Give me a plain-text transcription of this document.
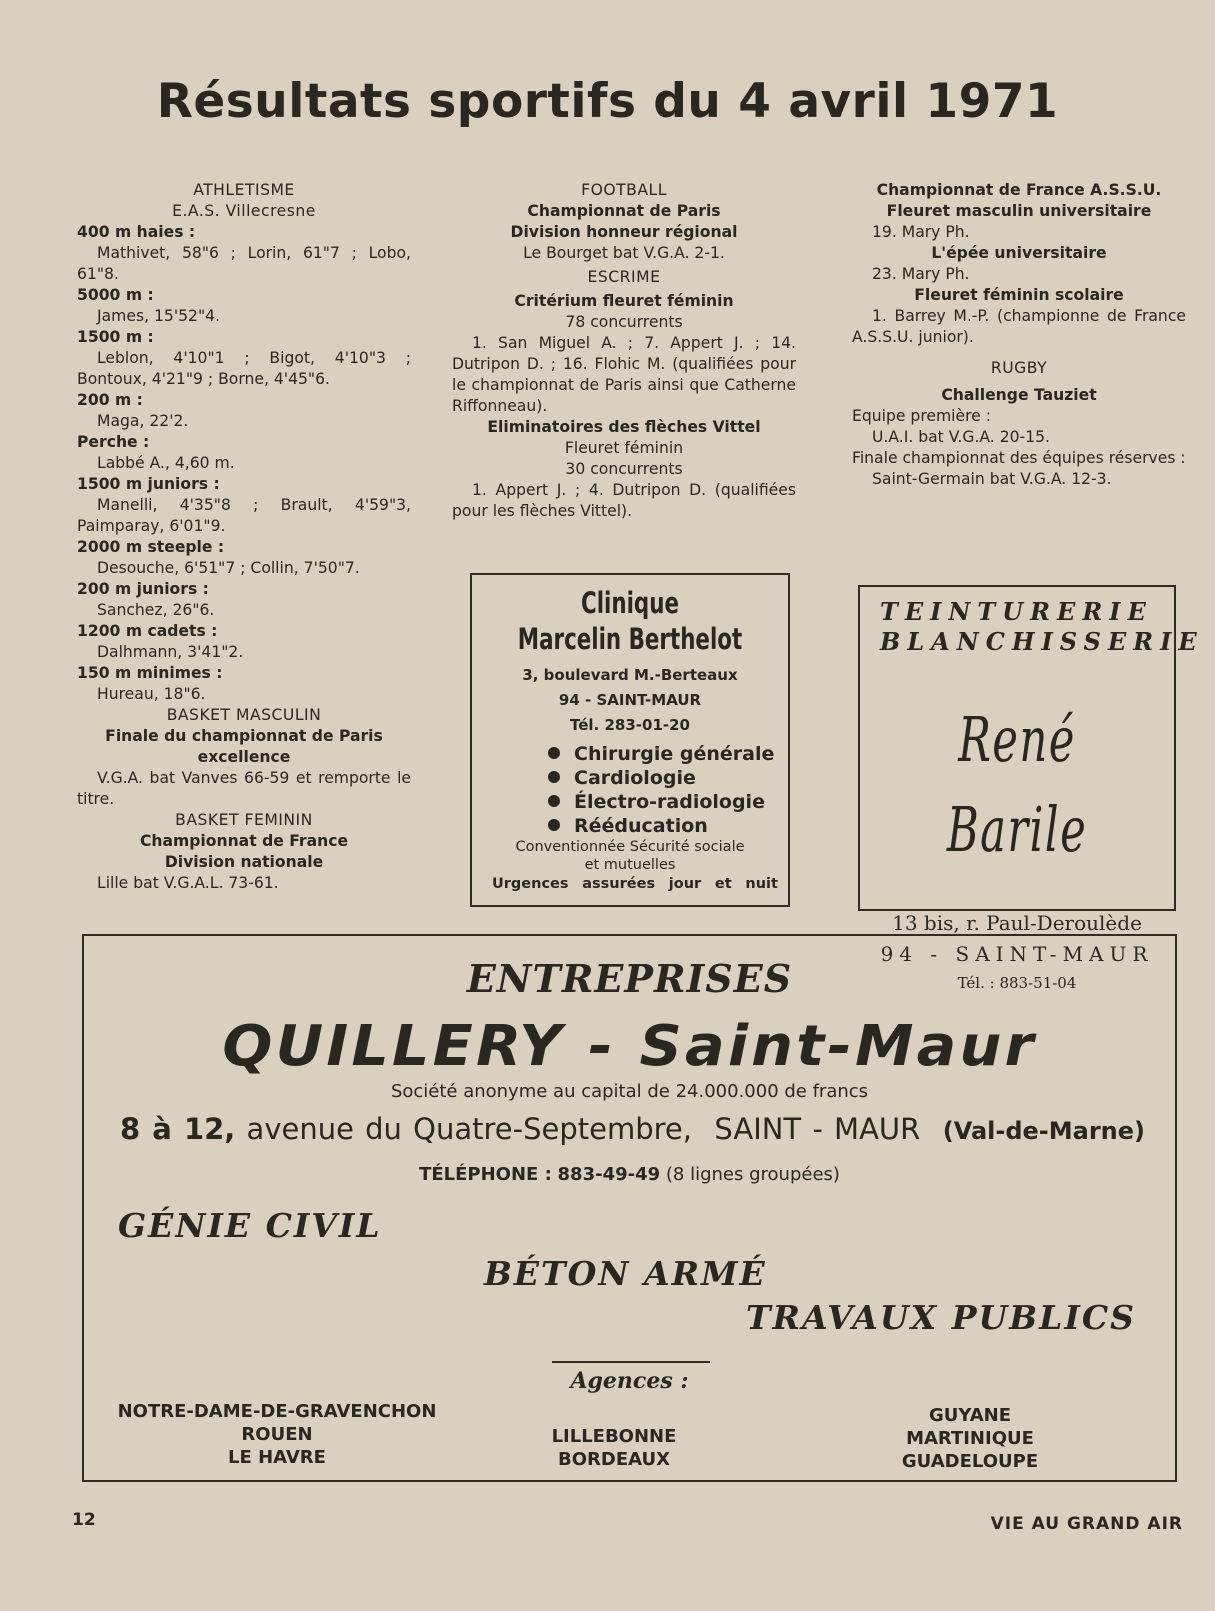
Résultats sportifs du 4 avril 1971
ATHLETISME
E.A.S. Villecresne
400 m haies :
Mathivet, 58"6 ; Lorin, 61"7 ; Lobo, 61"8.
5000 m :
James, 15'52"4.
1500 m :
Leblon, 4'10"1 ; Bigot, 4'10"3 ; Bontoux, 4'21"9 ; Borne, 4'45"6.
200 m :
Maga, 22'2.
Perche :
Labbé A., 4,60 m.
1500 m juniors :
Manelli, 4'35"8 ; Brault, 4'59"3, Paimparay, 6'01"9.
2000 m steeple :
Desouche, 6'51"7 ; Collin, 7'50"7.
200 m juniors :
Sanchez, 26"6.
1200 m cadets :
Dalhmann, 3'41"2.
150 m minimes :
Hureau, 18"6.
BASKET MASCULIN
Finale du championnat de Paris excellence
V.G.A. bat Vanves 66-59 et remporte le titre.
BASKET FEMININ
Championnat de France
Division nationale
Lille bat V.G.A.L. 73-61.
FOOTBALL
Championnat de Paris
Division honneur régional
Le Bourget bat V.G.A. 2-1.
ESCRIME
Critérium fleuret féminin
78 concurrents
1. San Miguel A. ; 7. Appert J. ; 14. Dutripon D. ; 16. Flohic M. (qualifiées pour le championnat de Paris ainsi que Catherne Riffonneau).
Eliminatoires des flèches Vittel
Fleuret féminin
30 concurrents
1. Appert J. ; 4. Dutripon D. (qualifiées pour les flèches Vittel).
Championnat de France A.S.S.U.
Fleuret masculin universitaire
19. Mary Ph.
L'épée universitaire
23. Mary Ph.
Fleuret féminin scolaire
1. Barrey M.-P. (championne de France A.S.S.U. junior).
RUGBY
Challenge Tauziet
Equipe première :
U.A.I. bat V.G.A. 20-15.
Finale championnat des équipes réserves :
Saint-Germain bat V.G.A. 12-3.
Clinique
Marcelin Berthelot
3, boulevard M.-Berteaux
94 - SAINT-MAUR
Tél. 283-01-20
Chirurgie générale
Cardiologie
Électro-radiologie
Rééducation
Conventionnée Sécurité sociale
et mutuelles
Urgences assurées jour et nuit
TEINTURERIE
BLANCHISSERIE
René Barile
13 bis, r. Paul-Deroulède
94 - SAINT-MAUR
Tél. : 883-51-04
ENTREPRISES
QUILLERY - Saint-Maur
Société anonyme au capital de 24.000.000 de francs
8 à 12, avenue du Quatre-Septembre, SAINT - MAUR (Val-de-Marne)
TÉLÉPHONE : 883-49-49 (8 lignes groupées)
GÉNIE CIVIL
BÉTON ARMÉ
TRAVAUX PUBLICS
Agences :
NOTRE-DAME-DE-GRAVENCHON
ROUEN
LE HAVRE
LILLEBONNE
BORDEAUX
GUYANE
MARTINIQUE
GUADELOUPE
12	VIE AU GRAND AIR
